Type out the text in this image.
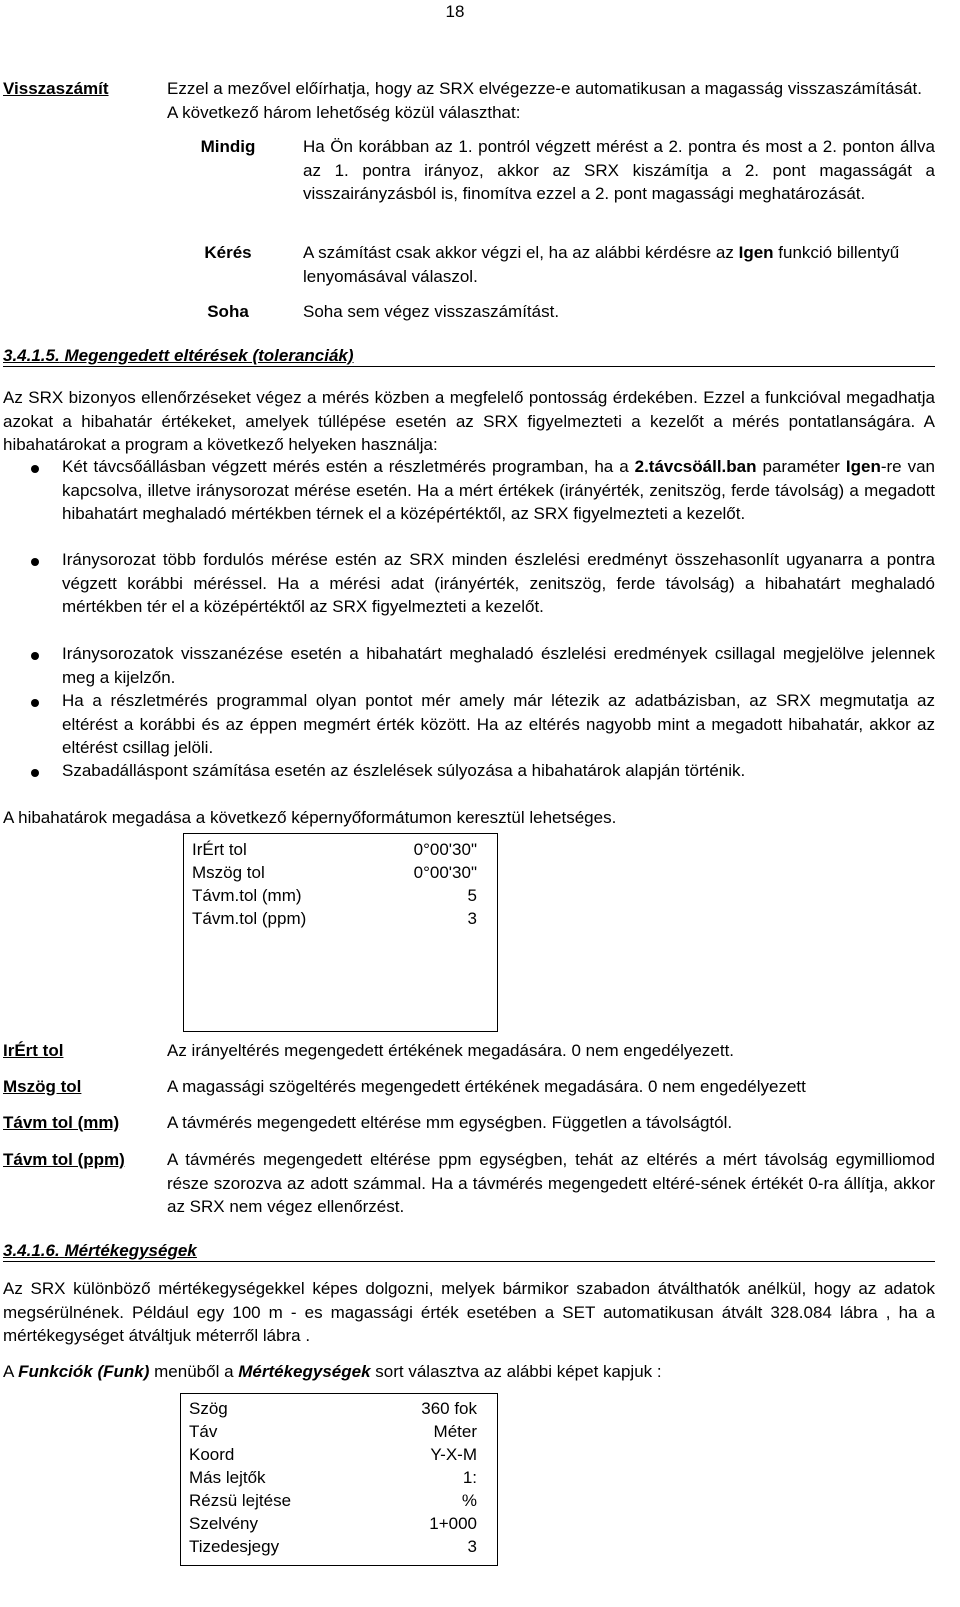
18
Visszaszámít	Ezzel a mezővel előírhatja, hogy az SRX elvégezze-e automatikusan a magasság visszaszámítását. A következő három lehetőség közül választhat:
Mindig	Ha Ön korábban az 1. pontról végzett mérést a 2. pontra és most a 2. ponton állva az 1. pontra irányoz, akkor az SRX kiszámítja a 2. pont magasságát a visszairányzásból is, finomítva ezzel a 2. pont magassági meghatározását.
Kérés	A számítást csak akkor végzi el, ha az alábbi kérdésre az Igen funkció billentyű lenyomásával válaszol.
Soha	Soha sem végez visszaszámítást.
3.4.1.5. Megengedett eltérések (toleranciák)
Az SRX bizonyos ellenőrzéseket végez a mérés közben a megfelelő pontosság érdekében. Ezzel a funkcióval megadhatja azokat a hibahatár értékeket, amelyek túllépése esetén az SRX figyelmezteti a kezelőt a mérés pontatlanságára. A hibahatárokat a program a következő helyeken használja:
Két távcsőállásban végzett mérés estén a részletmérés programban, ha a 2.távcsöáll.ban paraméter Igen-re van kapcsolva, illetve iránysorozat mérése esetén. Ha a mért értékek (irányérték, zenitszög, ferde távolság) a megadott hibahatárt meghaladó mértékben térnek el a középértéktől, az SRX figyelmezteti a kezelőt.
Iránysorozat több fordulós mérése estén az SRX minden észlelési eredményt összehasonlít ugyanarra a pontra végzett korábbi méréssel. Ha a mérési adat (irányérték, zenitszög, ferde távolság) a hibahatárt meghaladó mértékben tér el a középértéktől az SRX figyelmezteti a kezelőt.
Iránysorozatok visszanézése esetén a hibahatárt meghaladó észlelési eredmények csillagal megjelölve jelennek meg a kijelzőn.
Ha a részletmérés programmal olyan pontot mér amely már létezik az adatbázisban, az SRX megmutatja az eltérést a korábbi és az éppen megmért érték között. Ha az eltérés nagyobb mint a megadott hibahatár, akkor az eltérést csillag jelöli.
Szabadálláspont számítása esetén az észlelések súlyozása a hibahatárok alapján történik.
A hibahatárok megadása a következő képernyőformátumon keresztül lehetséges.
IrÉrt tol	0°00'30"
Mszög tol	0°00'30"
Távm.tol (mm)	5
Távm.tol (ppm)	3
IrÉrt tol	Az irányeltérés megengedett értékének megadására. 0 nem engedélyezett.
Mszög tol	A magassági szögeltérés megengedett értékének megadására. 0 nem engedélyezett
Távm tol (mm)	A távmérés megengedett eltérése mm egységben. Független a távolságtól.
Távm tol (ppm) A távmérés megengedett eltérése ppm egységben, tehát az eltérés a mért távolság egymilliomod része szorozva az adott számmal. Ha a távmérés megengedett eltéré-sének értékét 0-ra állítja, akkor az SRX nem végez ellenőrzést.
3.4.1.6. Mértékegységek
Az SRX különböző mértékegységekkel képes dolgozni, melyek bármikor szabadon átválthatók anélkül, hogy az adatok megsérülnének. Például egy 100 m - es magassági érték esetében a SET automatikusan átvált 328.084 lábra , ha a mértékegységet átváltjuk méterről lábra .
A Funkciók (Funk) menüből a Mértékegységek sort választva az alábbi képet kapjuk :
Szög	360 fok
Táv	Méter
Koord	Y-X-M
Más lejtők	1:
Rézsü lejtése	%
Szelvény	1+000
Tizedesjegy	3
